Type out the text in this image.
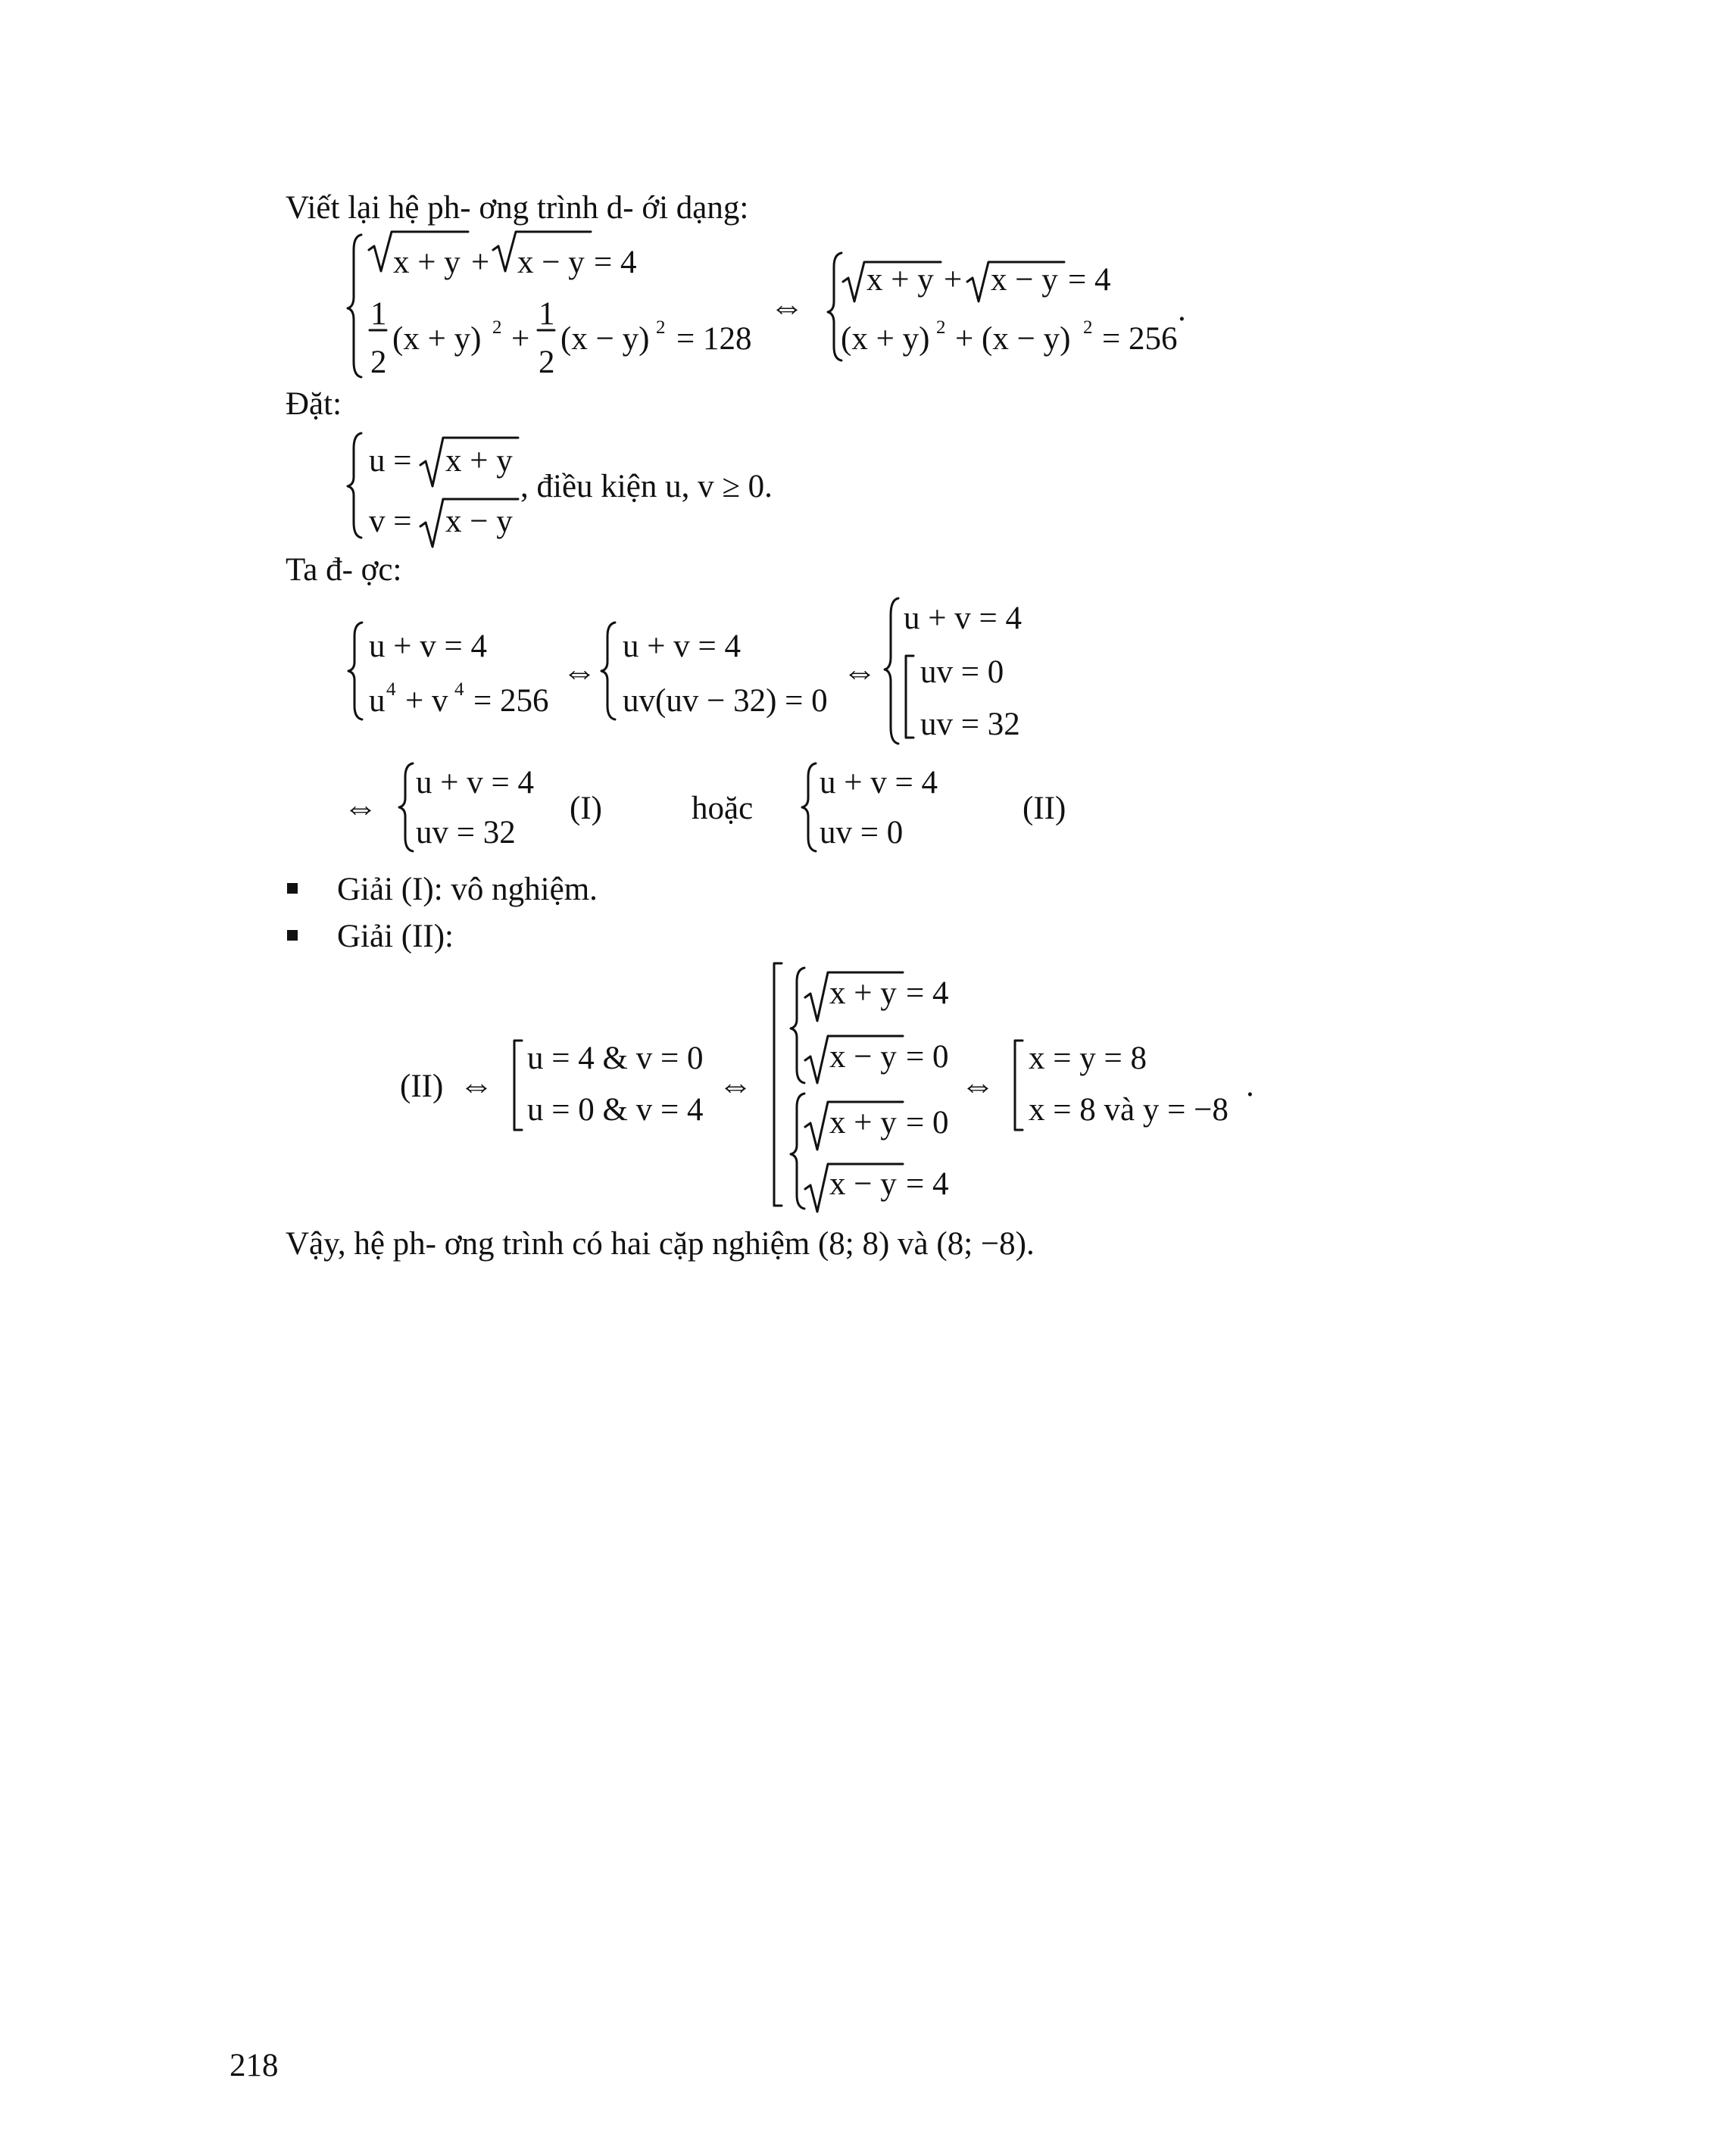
Viết lại hệ ph- ơng trình d- ới dạng:
x + y + x − y = 4
1
2
(x + y) 2 +
1
2
(x − y) 2 = 128
⇔
x + y + x − y = 4
(x + y) 2 + (x − y) 2 = 256
.
Đặt:
u = x + y
v = x − y
, điều kiện u, v ≥ 0.
Ta đ- ợc:
u + v = 4
u 4 + v 4 = 256
⇔
u + v = 4
uv(uv − 32) = 0
⇔
u + v = 4
uv = 0
uv = 32
⇔
u + v = 4
uv = 32
(I)	hoặc
u + v = 4
uv = 0
(II)
Giải (I): vô nghiệm.
Giải (II):
(II) ⇔
u = 4 & v = 0
u = 0 & v = 4
⇔
x + y = 4
x − y = 0
x + y = 0
x − y = 4
⇔
x = y = 8
x = 8 và y = −8
.
Vậy, hệ ph- ơng trình có hai cặp nghiệm (8; 8) và (8; −8).
218
